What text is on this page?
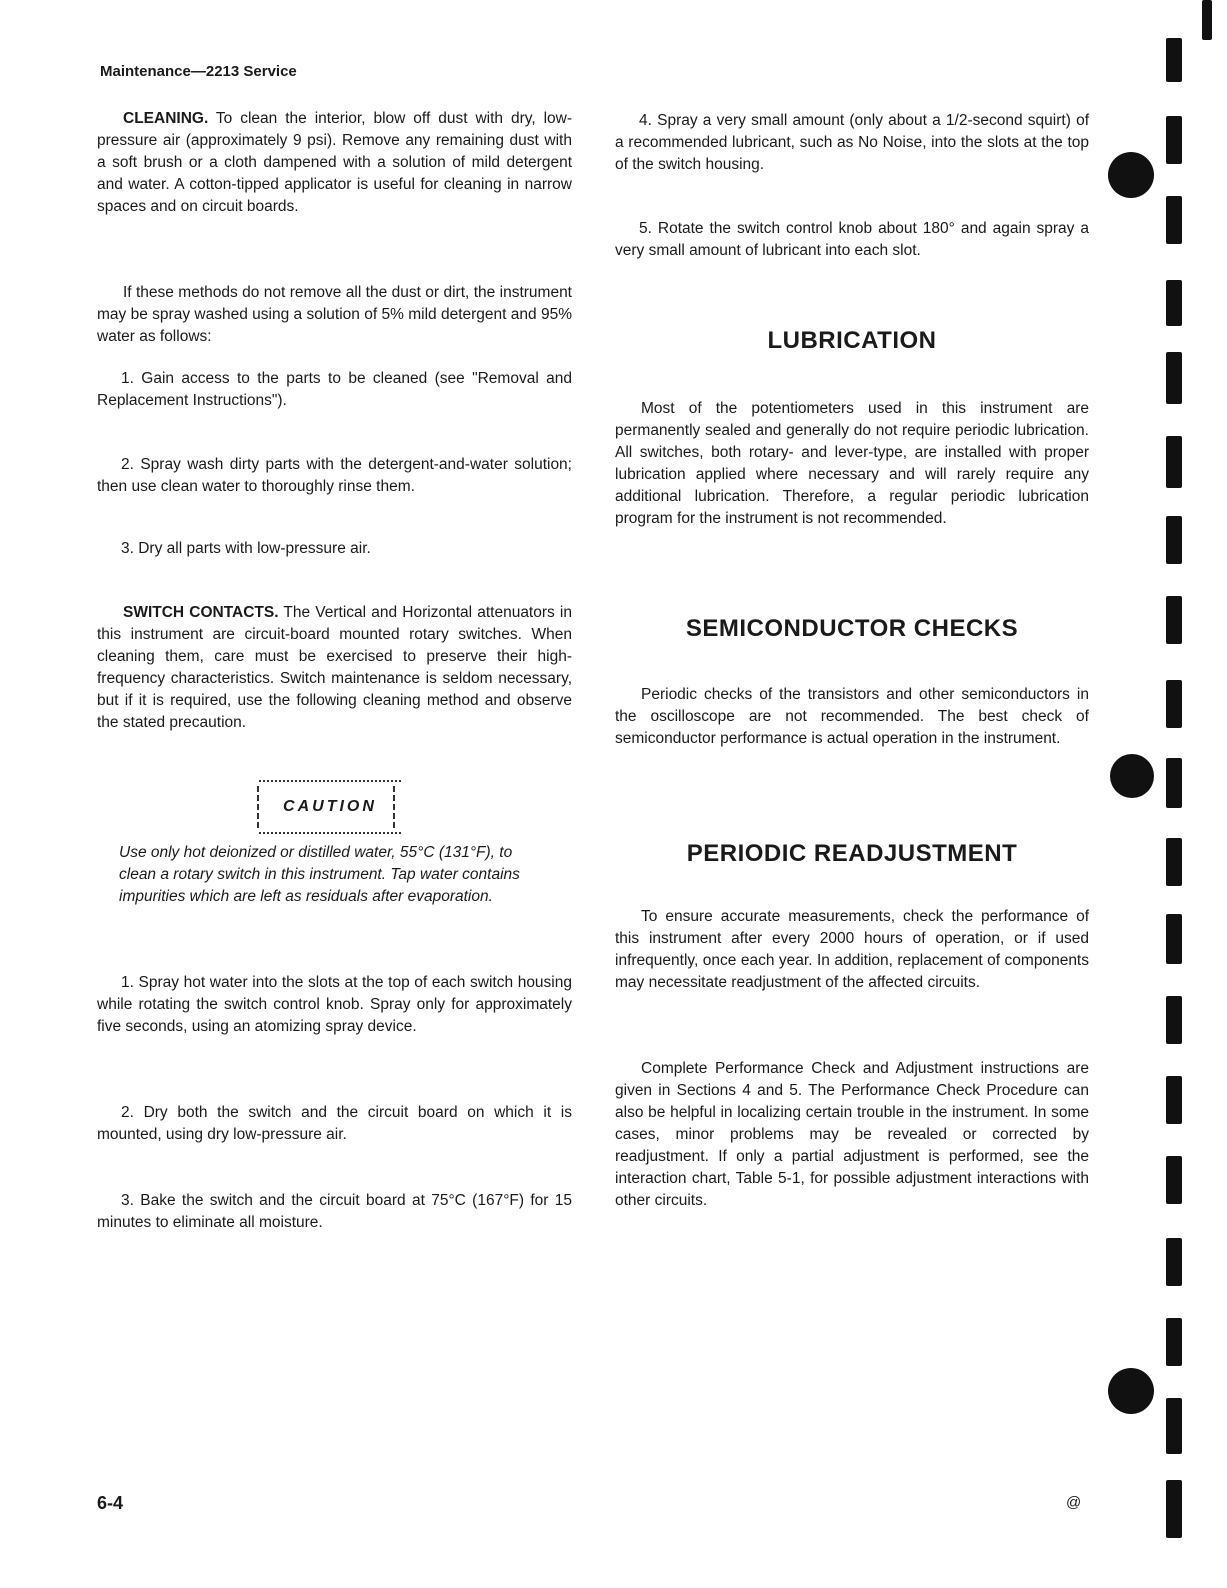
Maintenance—2213 Service

CLEANING. To clean the interior, blow off dust with dry, low-pressure air (approximately 9 psi). Remove any remaining dust with a soft brush or a cloth dampened with a solution of mild detergent and water. A cotton-tipped applicator is useful for cleaning in narrow spaces and on circuit boards.

If these methods do not remove all the dust or dirt, the instrument may be spray washed using a solution of 5% mild detergent and 95% water as follows:

1. Gain access to the parts to be cleaned (see "Removal and Replacement Instructions").

2. Spray wash dirty parts with the detergent-and-water solution; then use clean water to thoroughly rinse them.

3. Dry all parts with low-pressure air.

SWITCH CONTACTS. The Vertical and Horizontal attenuators in this instrument are circuit-board mounted rotary switches. When cleaning them, care must be exercised to preserve their high-frequency characteristics. Switch maintenance is seldom necessary, but if it is required, use the following cleaning method and observe the stated precaution.

CAUTION

Use only hot deionized or distilled water, 55°C (131°F), to clean a rotary switch in this instrument. Tap water contains impurities which are left as residuals after evaporation.

1. Spray hot water into the slots at the top of each switch housing while rotating the switch control knob. Spray only for approximately five seconds, using an atomizing spray device.

2. Dry both the switch and the circuit board on which it is mounted, using dry low-pressure air.

3. Bake the switch and the circuit board at 75°C (167°F) for 15 minutes to eliminate all moisture.

4. Spray a very small amount (only about a 1/2-second squirt) of a recommended lubricant, such as No Noise, into the slots at the top of the switch housing.

5. Rotate the switch control knob about 180° and again spray a very small amount of lubricant into each slot.

LUBRICATION

Most of the potentiometers used in this instrument are permanently sealed and generally do not require periodic lubrication. All switches, both rotary- and lever-type, are installed with proper lubrication applied where necessary and will rarely require any additional lubrication. Therefore, a regular periodic lubrication program for the instrument is not recommended.

SEMICONDUCTOR CHECKS

Periodic checks of the transistors and other semiconductors in the oscilloscope are not recommended. The best check of semiconductor performance is actual operation in the instrument.

PERIODIC READJUSTMENT

To ensure accurate measurements, check the performance of this instrument after every 2000 hours of operation, or if used infrequently, once each year. In addition, replacement of components may necessitate readjustment of the affected circuits.

Complete Performance Check and Adjustment instructions are given in Sections 4 and 5. The Performance Check Procedure can also be helpful in localizing certain trouble in the instrument. In some cases, minor problems may be revealed or corrected by readjustment. If only a partial adjustment is performed, see the interaction chart, Table 5-1, for possible adjustment interactions with other circuits.

6-4	@
